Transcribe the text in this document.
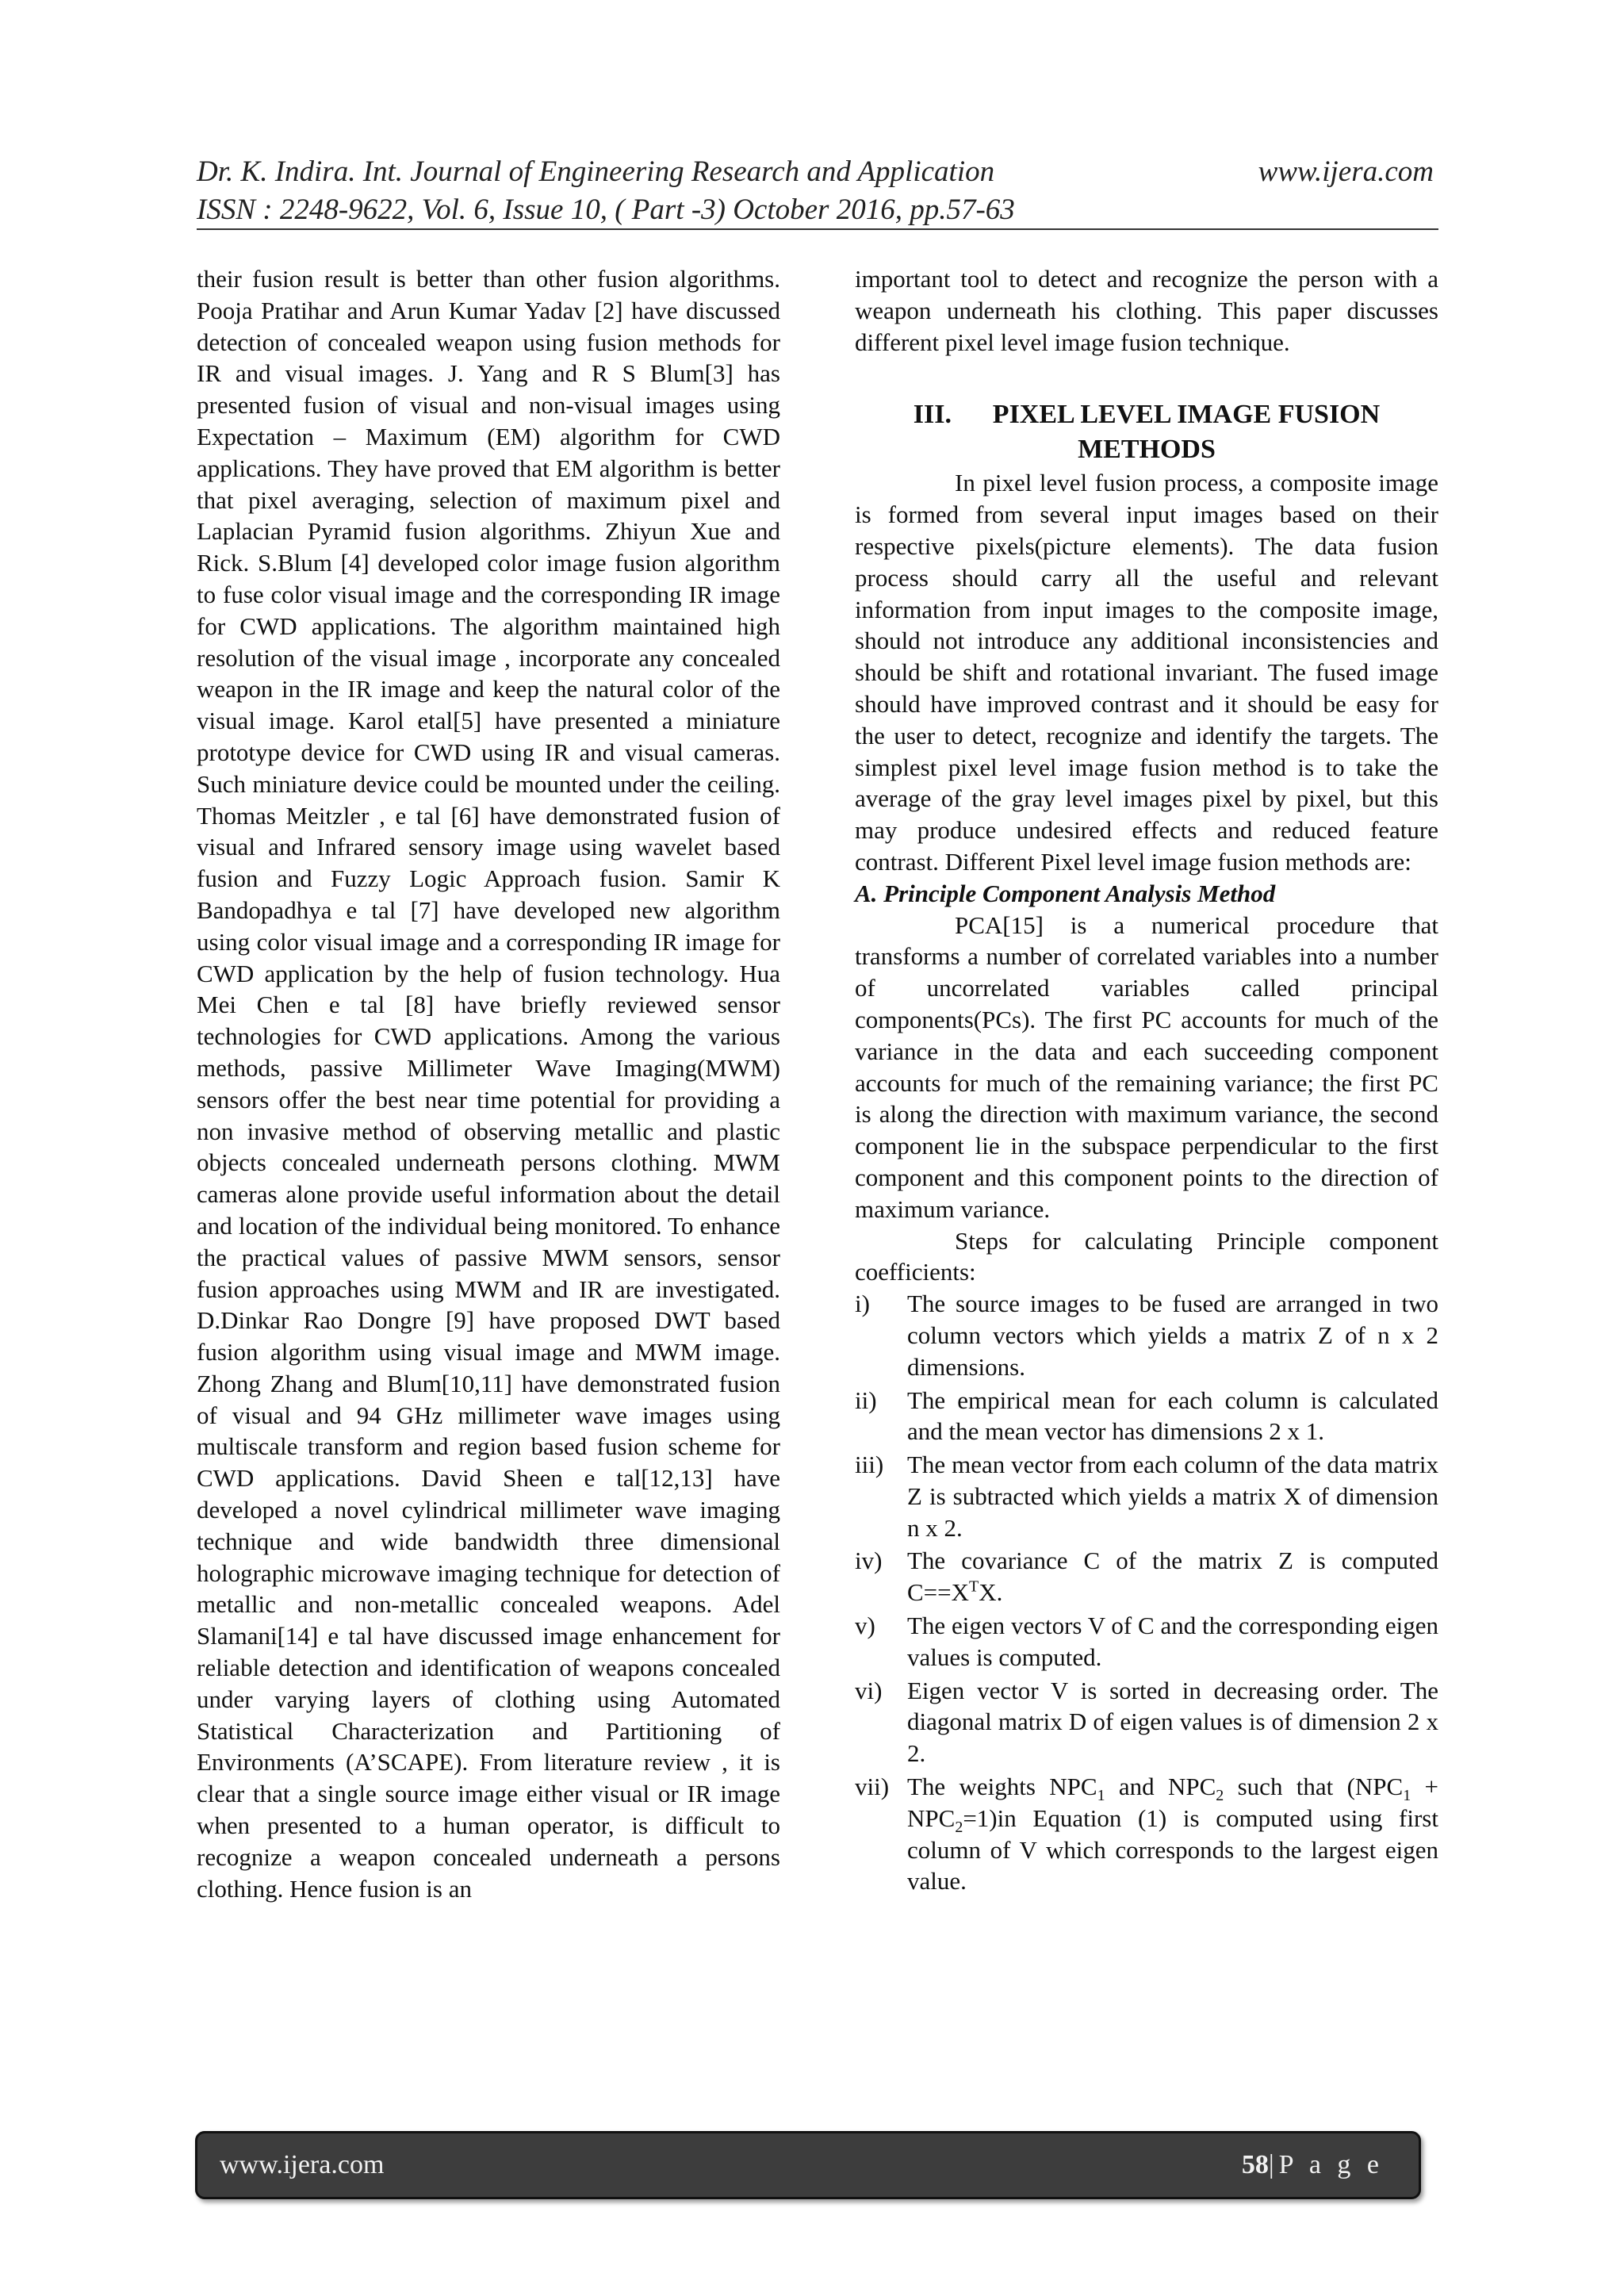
Dr. K. Indira. Int. Journal of Engineering Research and Application	www.ijera.com
ISSN : 2248-9622, Vol. 6, Issue 10, ( Part -3) October 2016, pp.57-63

their fusion result is better than other fusion algorithms. Pooja Pratihar and Arun Kumar Yadav [2] have discussed detection of concealed weapon using fusion methods for IR and visual images. J. Yang and R S Blum[3] has presented fusion of visual and non-visual images using Expectation – Maximum (EM) algorithm for CWD applications. They have proved that EM algorithm is better that pixel averaging, selection of maximum pixel and Laplacian Pyramid fusion algorithms. Zhiyun Xue and Rick. S.Blum [4] developed color image fusion algorithm to fuse color visual image and the corresponding IR image for CWD applications. The algorithm maintained high resolution of the visual image , incorporate any concealed weapon in the IR image and keep the natural color of the visual image. Karol etal[5] have presented a miniature prototype device for CWD using IR and visual cameras. Such miniature device could be mounted under the ceiling. Thomas Meitzler , e tal [6] have demonstrated fusion of visual and Infrared sensory image using wavelet based fusion and Fuzzy Logic Approach fusion. Samir K Bandopadhya e tal [7] have developed new algorithm using color visual image and a corresponding IR image for CWD application by the help of fusion technology. Hua Mei Chen e tal [8] have briefly reviewed sensor technologies for CWD applications. Among the various methods, passive Millimeter Wave Imaging(MWM) sensors offer the best near time potential for providing a non invasive method of observing metallic and plastic objects concealed underneath persons clothing. MWM cameras alone provide useful information about the detail and location of the individual being monitored. To enhance the practical values of passive MWM sensors, sensor fusion approaches using MWM and IR are investigated. D.Dinkar Rao Dongre [9] have proposed DWT based fusion algorithm using visual image and MWM image. Zhong Zhang and Blum[10,11] have demonstrated fusion of visual and 94 GHz millimeter wave images using multiscale transform and region based fusion scheme for CWD applications. David Sheen e tal[12,13] have developed a novel cylindrical millimeter wave imaging technique and wide bandwidth three dimensional holographic microwave imaging technique for detection of metallic and non-metallic concealed weapons. Adel Slamani[14] e tal have discussed image enhancement for reliable detection and identification of weapons concealed under varying layers of clothing using Automated Statistical Characterization and Partitioning of Environments (A’SCAPE). From literature review , it is clear that a single source image either visual or IR image when presented to a human operator, is difficult to recognize a weapon concealed underneath a persons clothing. Hence fusion is an

important tool to detect and recognize the person with a weapon underneath his clothing. This paper discusses different pixel level image fusion technique.

III. PIXEL LEVEL IMAGE FUSION METHODS

In pixel level fusion process, a composite image is formed from several input images based on their respective pixels(picture elements). The data fusion process should carry all the useful and relevant information from input images to the composite image, should not introduce any additional inconsistencies and should be shift and rotational invariant. The fused image should have improved contrast and it should be easy for the user to detect, recognize and identify the targets. The simplest pixel level image fusion method is to take the average of the gray level images pixel by pixel, but this may produce undesired effects and reduced feature contrast. Different Pixel level image fusion methods are:

A. Principle Component Analysis Method

PCA[15] is a numerical procedure that transforms a number of correlated variables into a number of uncorrelated variables called principal components(PCs). The first PC accounts for much of the variance in the data and each succeeding component accounts for much of the remaining variance; the first PC is along the direction with maximum variance, the second component lie in the subspace perpendicular to the first component and this component points to the direction of maximum variance.

Steps for calculating Principle component coefficients:

i) The source images to be fused are arranged in two column vectors which yields a matrix Z of n x 2 dimensions.
ii) The empirical mean for each column is calculated and the mean vector has dimensions 2 x 1.
iii) The mean vector from each column of the data matrix Z is subtracted which yields a matrix X of dimension n x 2.
iv) The covariance C of the matrix Z is computed $C==X^TX$.
v) The eigen vectors V of C and the corresponding eigen values is computed.
vi) Eigen vector V is sorted in decreasing order. The diagonal matrix D of eigen values is of dimension 2 x 2.
vii) The weights $NPC_1$ and $NPC_2$ such that $(NPC_1 + NPC_2=1)in$ Equation (1) is computed using first column of V which corresponds to the largest eigen value.
www.ijera.com	58|P a g e
